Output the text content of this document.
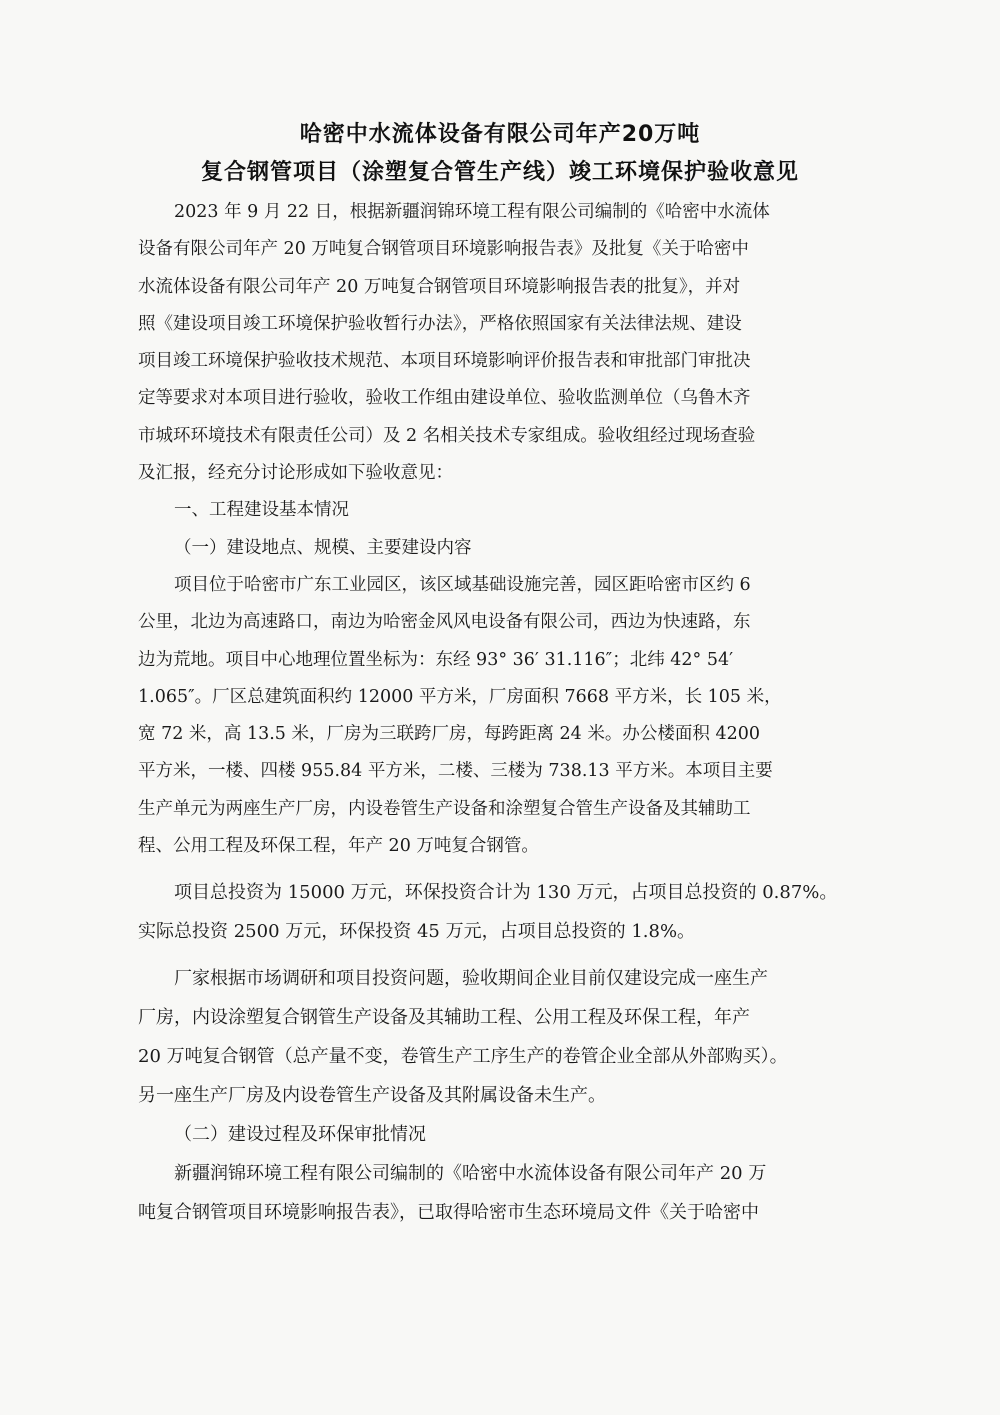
哈密中水流体设备有限公司年产20万吨
复合钢管项目（涂塑复合管生产线）竣工环境保护验收意见
2023 年 9 月 22 日，根据新疆润锦环境工程有限公司编制的《哈密中水流体
设备有限公司年产 20 万吨复合钢管项目环境影响报告表》及批复《关于哈密中
水流体设备有限公司年产 20 万吨复合钢管项目环境影响报告表的批复》，并对
照《建设项目竣工环境保护验收暂行办法》，严格依照国家有关法律法规、建设
项目竣工环境保护验收技术规范、本项目环境影响评价报告表和审批部门审批决
定等要求对本项目进行验收，验收工作组由建设单位、验收监测单位（乌鲁木齐
市城环环境技术有限责任公司）及 2 名相关技术专家组成。验收组经过现场查验
及汇报，经充分讨论形成如下验收意见：
一、工程建设基本情况
（一）建设地点、规模、主要建设内容
项目位于哈密市广东工业园区，该区域基础设施完善，园区距哈密市区约 6
公里，北边为高速路口，南边为哈密金风风电设备有限公司，西边为快速路，东
边为荒地。项目中心地理位置坐标为：东经 93° 36′ 31.116″；北纬 42° 54′
1.065″。厂区总建筑面积约 12000 平方米，厂房面积 7668 平方米，长 105 米，
宽 72 米，高 13.5 米，厂房为三联跨厂房，每跨距离 24 米。办公楼面积 4200
平方米，一楼、四楼 955.84 平方米，二楼、三楼为 738.13 平方米。本项目主要
生产单元为两座生产厂房，内设卷管生产设备和涂塑复合管生产设备及其辅助工
程、公用工程及环保工程，年产 20 万吨复合钢管。
项目总投资为 15000 万元，环保投资合计为 130 万元，占项目总投资的 0.87%。
实际总投资 2500 万元，环保投资 45 万元，占项目总投资的 1.8%。
厂家根据市场调研和项目投资问题，验收期间企业目前仅建设完成一座生产
厂房，内设涂塑复合钢管生产设备及其辅助工程、公用工程及环保工程，年产
20 万吨复合钢管（总产量不变，卷管生产工序生产的卷管企业全部从外部购买）。
另一座生产厂房及内设卷管生产设备及其附属设备未生产。
（二）建设过程及环保审批情况
新疆润锦环境工程有限公司编制的《哈密中水流体设备有限公司年产 20 万
吨复合钢管项目环境影响报告表》，已取得哈密市生态环境局文件《关于哈密中
